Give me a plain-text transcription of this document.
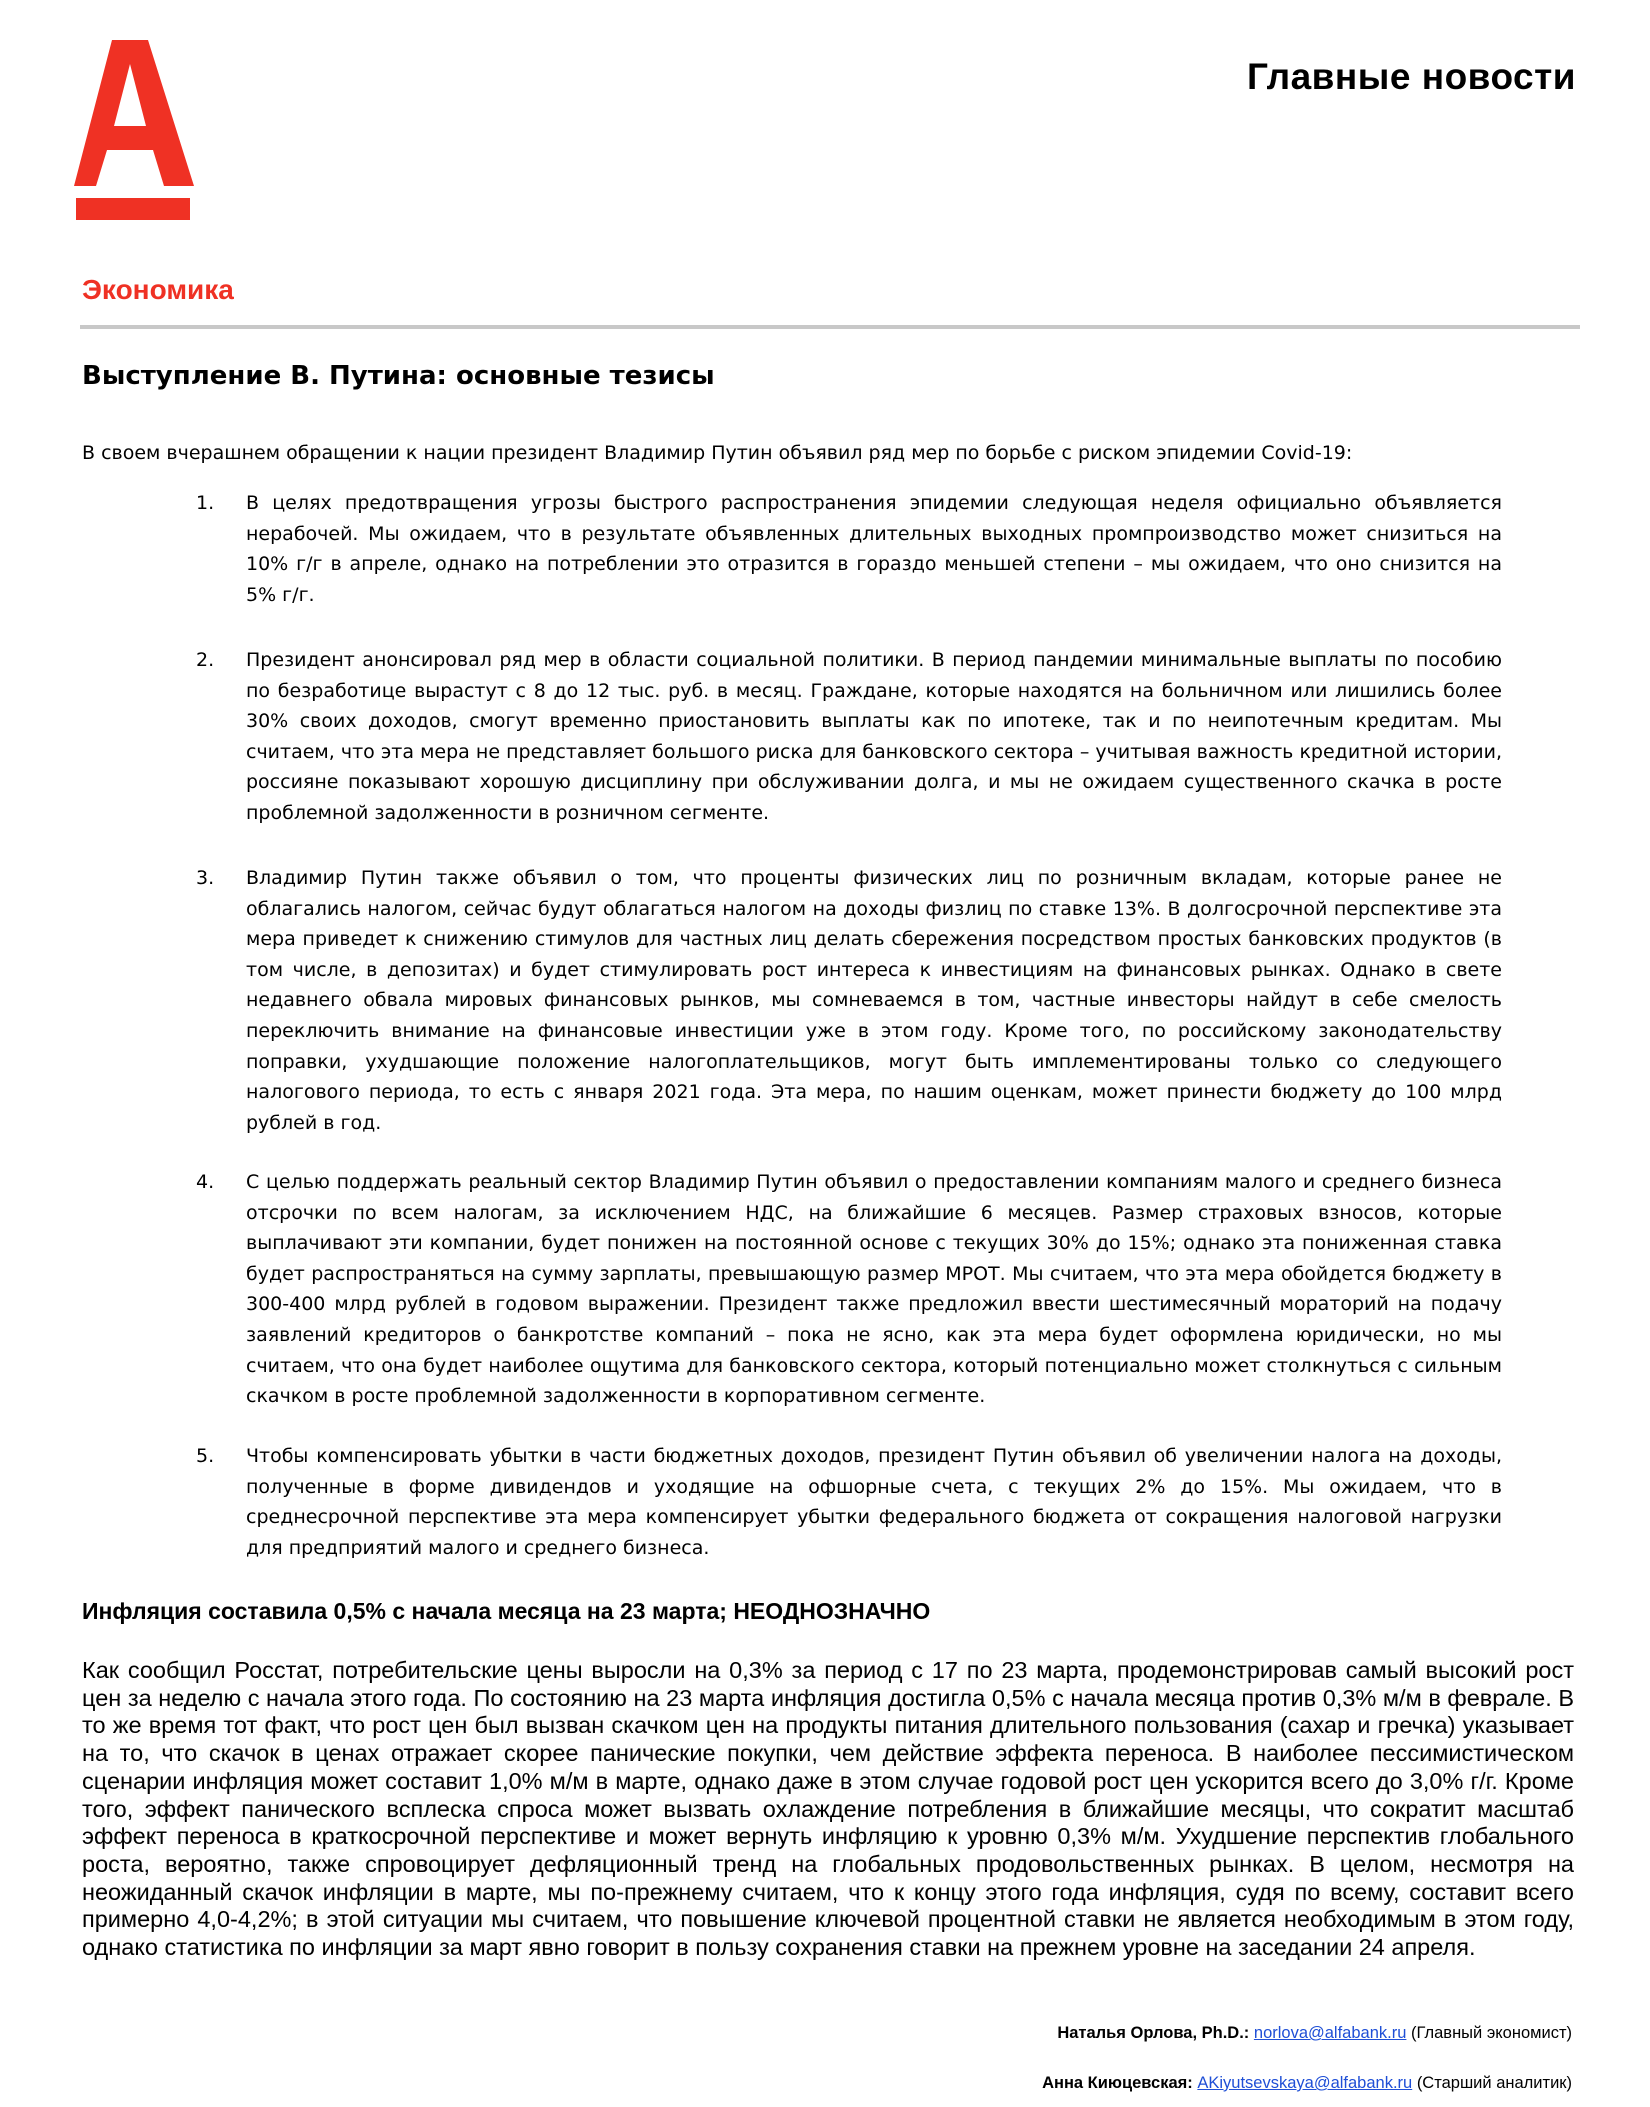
Главные новости
Экономика
Выступление В. Путина: основные тезисы

В своем вчерашнем обращении к нации президент Владимир Путин объявил ряд мер по борьбе с риском эпидемии Covid-19:

1. В целях предотвращения угрозы быстрого распространения эпидемии следующая неделя официально объявляется нерабочей. Мы ожидаем, что в результате объявленных длительных выходных промпроизводство может снизиться на 10% г/г в апреле, однако на потреблении это отразится в гораздо меньшей степени – мы ожидаем, что оно снизится на 5% г/г.

2. Президент анонсировал ряд мер в области социальной политики. В период пандемии минимальные выплаты по пособию по безработице вырастут с 8 до 12 тыс. руб. в месяц. Граждане, которые находятся на больничном или лишились более 30% своих доходов, смогут временно приостановить выплаты как по ипотеке, так и по неипотечным кредитам. Мы считаем, что эта мера не представляет большого риска для банковского сектора – учитывая важность кредитной истории, россияне показывают хорошую дисциплину при обслуживании долга, и мы не ожидаем существенного скачка в росте проблемной задолженности в розничном сегменте.

3. Владимир Путин также объявил о том, что проценты физических лиц по розничным вкладам, которые ранее не облагались налогом, сейчас будут облагаться налогом на доходы физлиц по ставке 13%. В долгосрочной перспективе эта мера приведет к снижению стимулов для частных лиц делать сбережения посредством простых банковских продуктов (в том числе, в депозитах) и будет стимулировать рост интереса к инвестициям на финансовых рынках. Однако в свете недавнего обвала мировых финансовых рынков, мы сомневаемся в том, частные инвесторы найдут в себе смелость переключить внимание на финансовые инвестиции уже в этом году. Кроме того, по российскому законодательству поправки, ухудшающие положение налогоплательщиков, могут быть имплементированы только со следующего налогового периода, то есть с января 2021 года. Эта мера, по нашим оценкам, может принести бюджету до 100 млрд рублей в год.

4. С целью поддержать реальный сектор Владимир Путин объявил о предоставлении компаниям малого и среднего бизнеса отсрочки по всем налогам, за исключением НДС, на ближайшие 6 месяцев. Размер страховых взносов, которые выплачивают эти компании, будет понижен на постоянной основе с текущих 30% до 15%; однако эта пониженная ставка будет распространяться на сумму зарплаты, превышающую размер МРОТ. Мы считаем, что эта мера обойдется бюджету в 300-400 млрд рублей в годовом выражении. Президент также предложил ввести шестимесячный мораторий на подачу заявлений кредиторов о банкротстве компаний – пока не ясно, как эта мера будет оформлена юридически, но мы считаем, что она будет наиболее ощутима для банковского сектора, который потенциально может столкнуться с сильным скачком в росте проблемной задолженности в корпоративном сегменте.

5. Чтобы компенсировать убытки в части бюджетных доходов, президент Путин объявил об увеличении налога на доходы, полученные в форме дивидендов и уходящие на офшорные счета, с текущих 2% до 15%. Мы ожидаем, что в среднесрочной перспективе эта мера компенсирует убытки федерального бюджета от сокращения налоговой нагрузки для предприятий малого и среднего бизнеса.

Инфляция составила 0,5% с начала месяца на 23 марта; НЕОДНОЗНАЧНО

Как сообщил Росстат, потребительские цены выросли на 0,3% за период с 17 по 23 марта, продемонстрировав самый высокий рост цен за неделю с начала этого года. По состоянию на 23 марта инфляция достигла 0,5% с начала месяца против 0,3% м/м в феврале. В то же время тот факт, что рост цен был вызван скачком цен на продукты питания длительного пользования (сахар и гречка) указывает на то, что скачок в ценах отражает скорее панические покупки, чем действие эффекта переноса. В наиболее пессимистическом сценарии инфляция может составит 1,0% м/м в марте, однако даже в этом случае годовой рост цен ускорится всего до 3,0% г/г. Кроме того, эффект панического всплеска спроса может вызвать охлаждение потребления в ближайшие месяцы, что сократит масштаб эффект переноса в краткосрочной перспективе и может вернуть инфляцию к уровню 0,3% м/м. Ухудшение перспектив глобального роста, вероятно, также спровоцирует дефляционный тренд на глобальных продовольственных рынках. В целом, несмотря на неожиданный скачок инфляции в марте, мы по-прежнему считаем, что к концу этого года инфляция, судя по всему, составит всего примерно 4,0-4,2%; в этой ситуации мы считаем, что повышение ключевой процентной ставки не является необходимым в этом году, однако статистика по инфляции за март явно говорит в пользу сохранения ставки на прежнем уровне на заседании 24 апреля.

Наталья Орлова, Ph.D.: norlova@alfabank.ru (Главный экономист)

Анна Киюцевская: AKiyutsevskaya@alfabank.ru (Старший аналитик)
